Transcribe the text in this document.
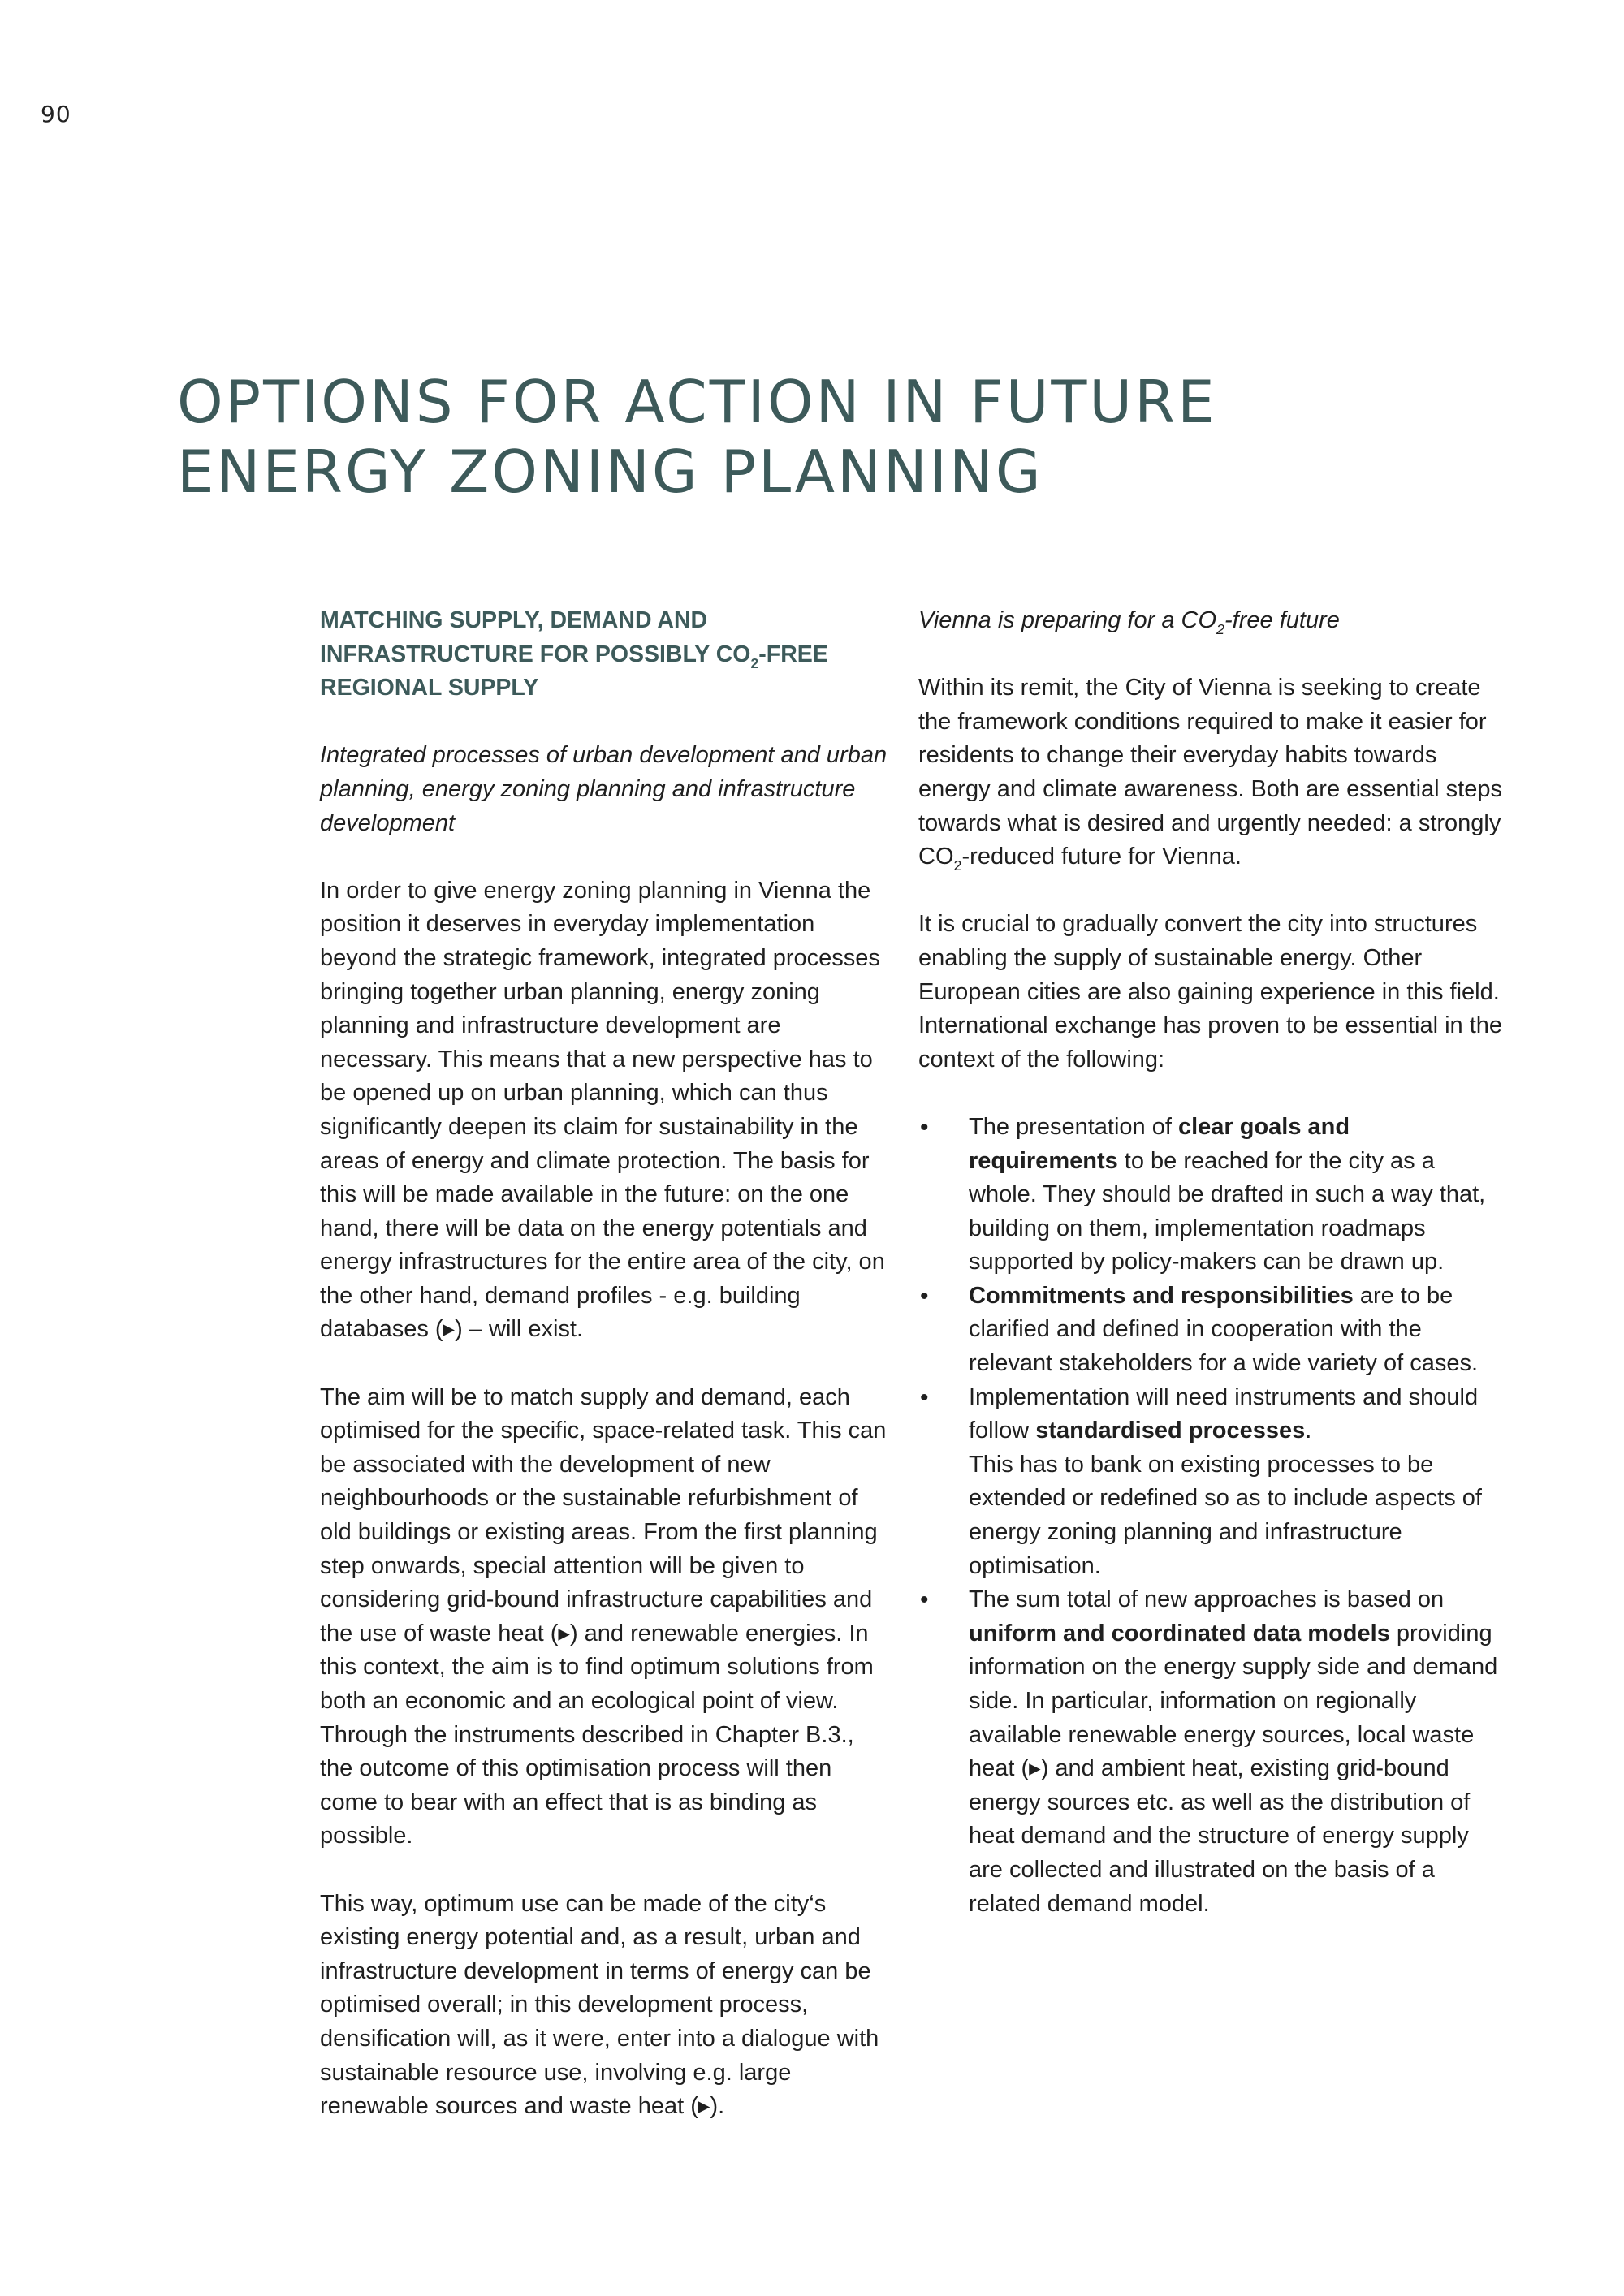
90
OPTIONS FOR ACTION IN FUTURE
ENERGY ZONING PLANNING
MATCHING SUPPLY, DEMAND AND INFRASTRUCTURE FOR POSSIBLY $CO_2$-FREE REGIONAL SUPPLY
Integrated processes of urban development and urban planning, energy zoning planning and infrastructure development

In order to give energy zoning planning in Vienna the position it deserves in everyday implementation beyond the strategic framework, integrated processes bringing together urban planning, energy zoning planning and infrastructure development are necessary. This means that a new perspective has to be opened up on urban planning, which can thus significantly deepen its claim for sustainability in the areas of energy and climate protection. The basis for this will be made available in the future: on the one hand, there will be data on the energy potentials and energy infrastructures for the entire area of the city, on the other hand, demand profiles - e.g. building databases (▸) – will exist.

The aim will be to match supply and demand, each optimised for the specific, space-related task. This can be associated with the development of new neighbourhoods or the sustainable refurbishment of old buildings or existing areas. From the first planning step onwards, special attention will be given to considering grid-bound infrastructure capabilities and the use of waste heat (▸) and renewable energies. In this context, the aim is to find optimum solutions from both an economic and an ecological point of view. Through the instruments described in Chapter B.3., the outcome of this optimisation process will then come to bear with an effect that is as binding as possible.

This way, optimum use can be made of the city‘s existing energy potential and, as a result, urban and infrastructure development in terms of energy can be optimised overall; in this development process, densification will, as it were, enter into a dialogue with sustainable resource use, involving e.g. large renewable sources and waste heat (▸).

Vienna is preparing for a $CO_2$-free future

Within its remit, the City of Vienna is seeking to create the framework conditions required to make it easier for residents to change their everyday habits towards energy and climate awareness. Both are essential steps towards what is desired and urgently needed: a strongly $CO_2$-reduced future for Vienna.

It is crucial to gradually convert the city into structures enabling the supply of sustainable energy. Other European cities are also gaining experience in this field. International exchange has proven to be essential in the context of the following:

• The presentation of clear goals and requirements to be reached for the city as a whole. They should be drafted in such a way that, building on them, implementation roadmaps supported by policy-makers can be drawn up.
• Commitments and responsibilities are to be clarified and defined in cooperation with the relevant stakeholders for a wide variety of cases.
• Implementation will need instruments and should follow standardised processes.
This has to bank on existing processes to be extended or redefined so as to include aspects of energy zoning planning and infrastructure optimisation.
• The sum total of new approaches is based on uniform and coordinated data models providing information on the energy supply side and demand side. In particular, information on regionally available renewable energy sources, local waste heat (▸) and ambient heat, existing grid-bound energy sources etc. as well as the distribution of heat demand and the structure of energy supply are collected and illustrated on the basis of a related demand model.
